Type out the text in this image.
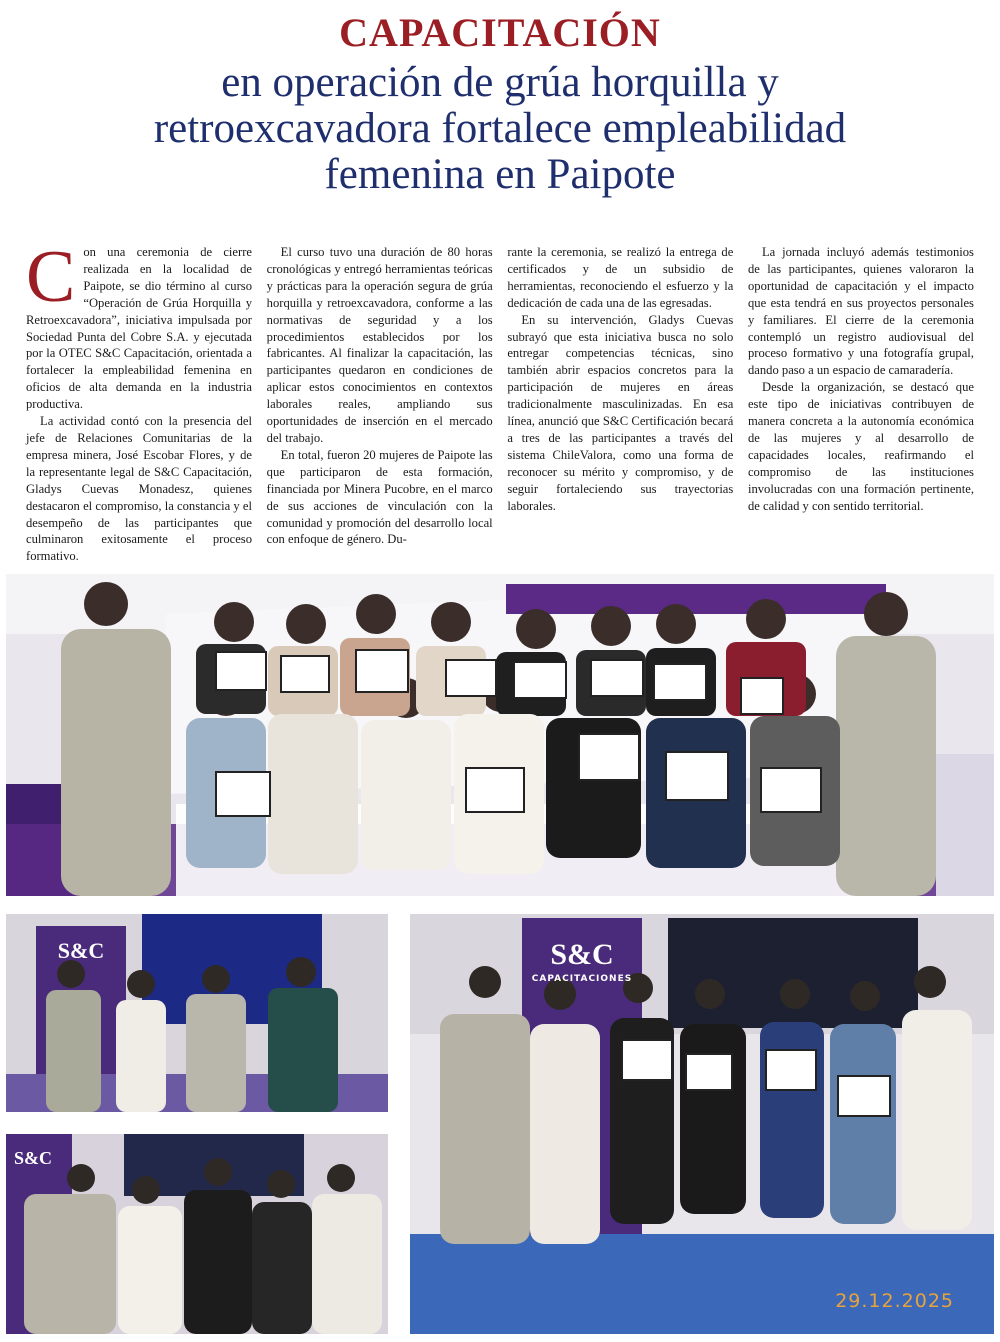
CAPACITACIÓN
en operación de grúa horquilla y
retroexcavadora fortalece empleabilidad
femenina en Paipote

Con una ceremonia de cierre realizada en la localidad de Paipote, se dio término al curso “Operación de Grúa Horquilla y Retroexcavadora”, iniciativa impulsada por Sociedad Punta del Cobre S.A. y ejecutada por la OTEC S&C Capacitación, orientada a fortalecer la empleabilidad femenina en oficios de alta demanda en la industria productiva.

La actividad contó con la presencia del jefe de Relaciones Comunitarias de la empresa minera, José Escobar Flores, y de la representante legal de S&C Capacitación, Gladys Cuevas Monadesz, quienes destacaron el compromiso, la constancia y el desempeño de las participantes que culminaron exitosamente el proceso formativo.

El curso tuvo una duración de 80 horas cronológicas y entregó herramientas teóricas y prácticas para la operación segura de grúa horquilla y retroexcavadora, conforme a las normativas de seguridad y a los procedimientos establecidos por los fabricantes. Al finalizar la capacitación, las participantes quedaron en condiciones de aplicar estos conocimientos en contextos laborales reales, ampliando sus oportunidades de inserción en el mercado del trabajo.

En total, fueron 20 mujeres de Paipote las que participaron de esta formación, financiada por Minera Pucobre, en el marco de sus acciones de vinculación con la comunidad y promoción del desarrollo local con enfoque de género. Du-

rante la ceremonia, se realizó la entrega de certificados y de un subsidio de herramientas, reconociendo el esfuerzo y la dedicación de cada una de las egresadas.

En su intervención, Gladys Cuevas subrayó que esta iniciativa busca no solo entregar competencias técnicas, sino también abrir espacios concretos para la participación de mujeres en áreas tradicionalmente masculinizadas. En esa línea, anunció que S&C Certificación becará a tres de las participantes a través del sistema ChileValora, como una forma de reconocer su mérito y compromiso, y de seguir fortaleciendo sus trayectorias laborales.

La jornada incluyó además testimonios de las participantes, quienes valoraron la oportunidad de capacitación y el impacto que esta tendrá en sus proyectos personales y familiares. El cierre de la ceremonia contempló un registro audiovisual del proceso formativo y una fotografía grupal, dando paso a un espacio de camaradería.

Desde la organización, se destacó que este tipo de iniciativas contribuyen de manera concreta a la autonomía económica de las mujeres y al desarrollo de capacidades locales, reafirmando el compromiso de las instituciones involucradas con una formación pertinente, de calidad y con sentido territorial.

S&C
S&C
S&C
CAPACITACIONES
29.12.2025
